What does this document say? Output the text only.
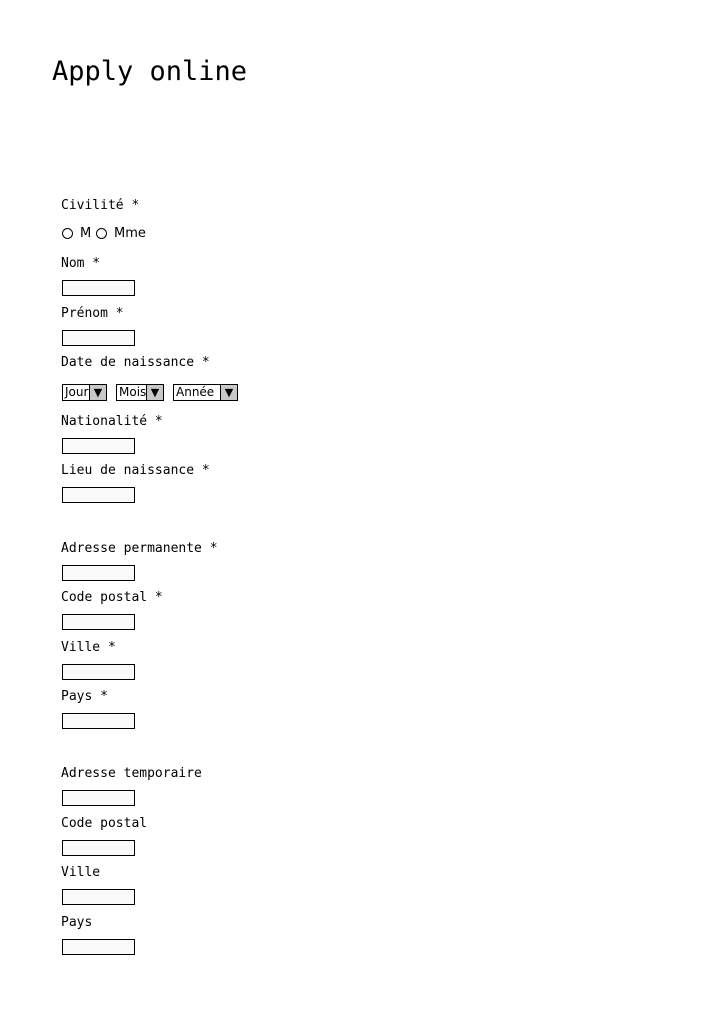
Apply online
Civilité *
M Mme
Nom *
Prénom *
Date de naissance *
Jour ▼	Mois ▼	Année ▼
Nationalité *
Lieu de naissance *
Adresse permanente *
Code postal *
Ville *
Pays *
Adresse temporaire
Code postal
Ville
Pays
